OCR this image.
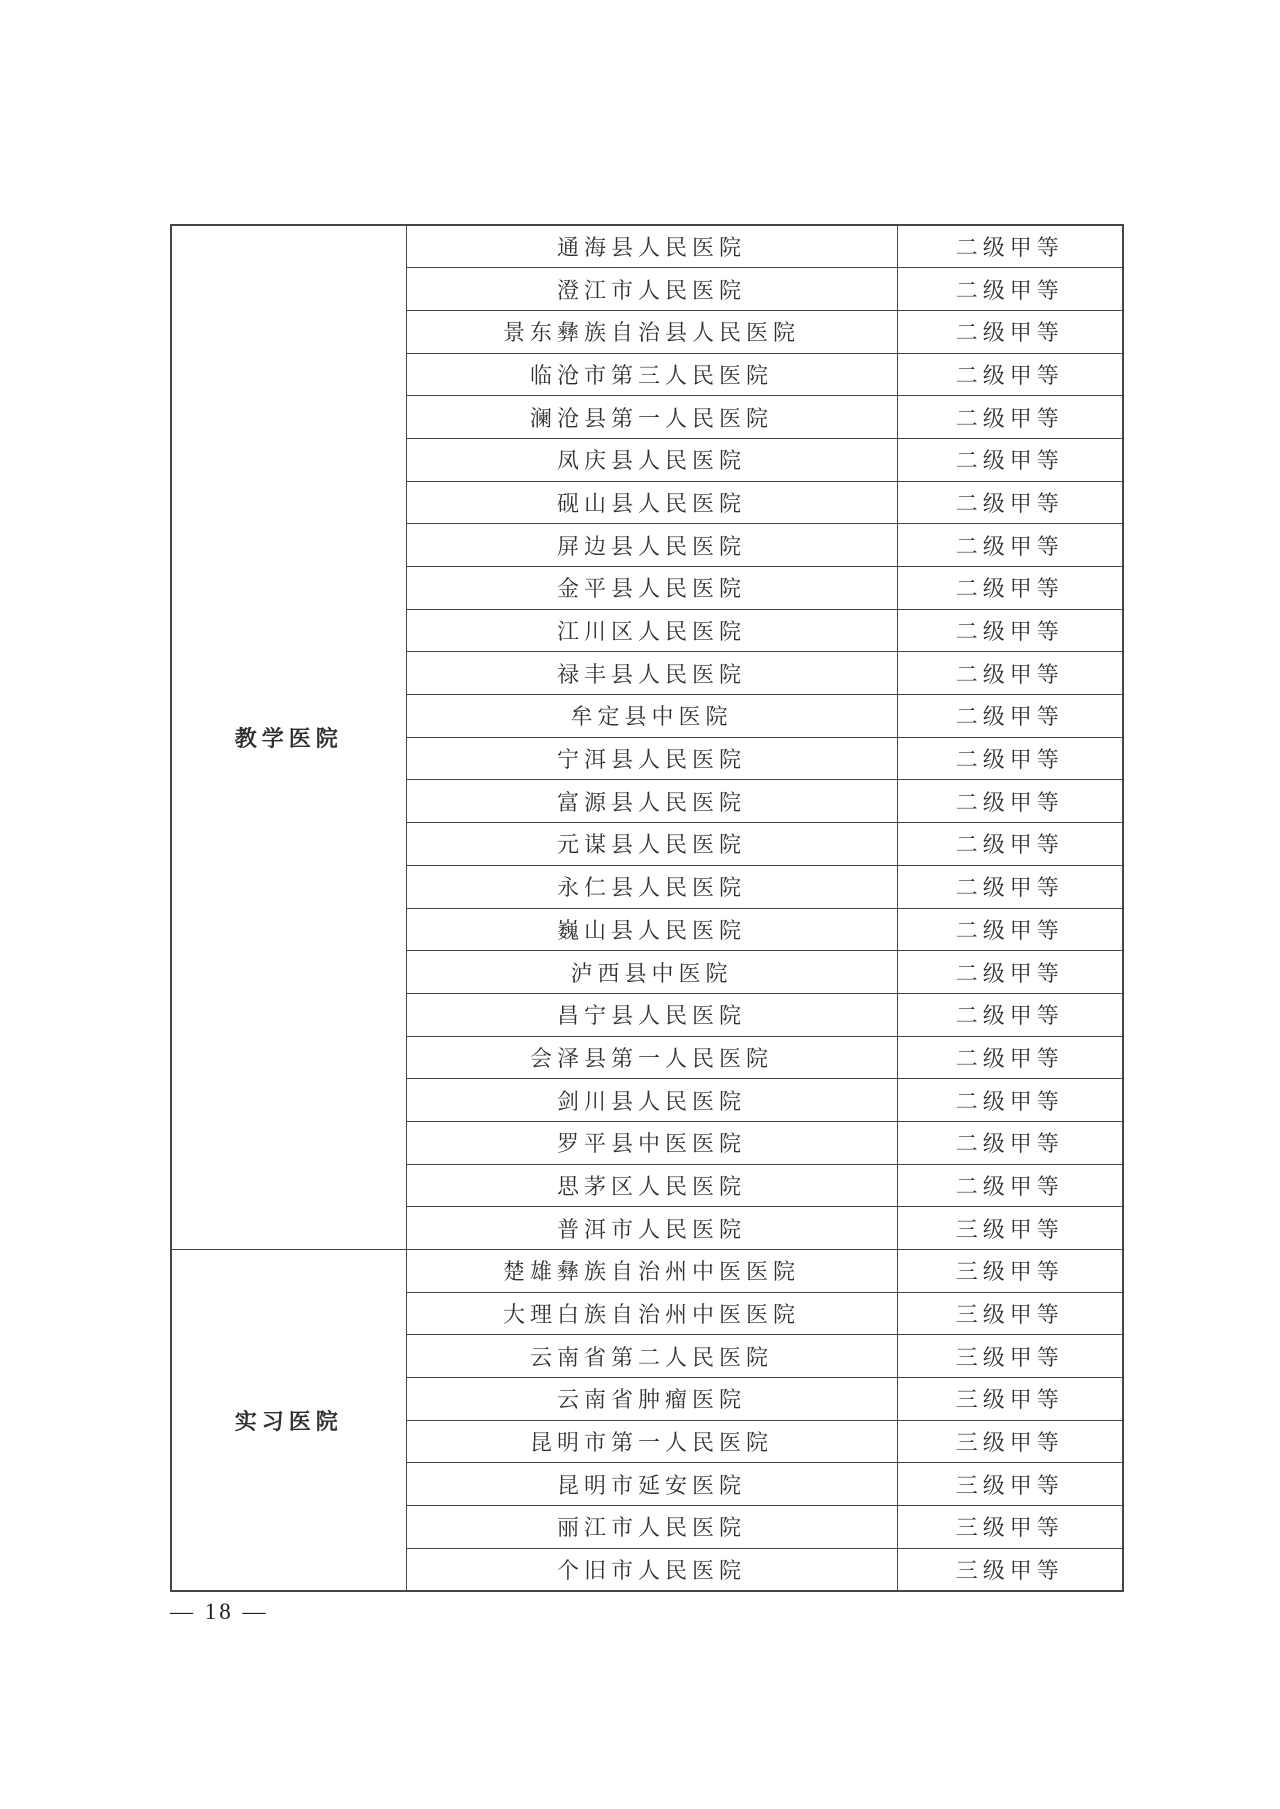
教学医院	通海县人民医院	二级甲等
	澄江市人民医院	二级甲等
	景东彝族自治县人民医院	二级甲等
	临沧市第三人民医院	二级甲等
	澜沧县第一人民医院	二级甲等
	凤庆县人民医院	二级甲等
	砚山县人民医院	二级甲等
	屏边县人民医院	二级甲等
	金平县人民医院	二级甲等
	江川区人民医院	二级甲等
	禄丰县人民医院	二级甲等
	牟定县中医院	二级甲等
	宁洱县人民医院	二级甲等
	富源县人民医院	二级甲等
	元谋县人民医院	二级甲等
	永仁县人民医院	二级甲等
	巍山县人民医院	二级甲等
	泸西县中医院	二级甲等
	昌宁县人民医院	二级甲等
	会泽县第一人民医院	二级甲等
	剑川县人民医院	二级甲等
	罗平县中医医院	二级甲等
	思茅区人民医院	二级甲等
	普洱市人民医院	三级甲等
实习医院	楚雄彝族自治州中医医院	三级甲等
	大理白族自治州中医医院	三级甲等
	云南省第二人民医院	三级甲等
	云南省肿瘤医院	三级甲等
	昆明市第一人民医院	三级甲等
	昆明市延安医院	三级甲等
	丽江市人民医院	三级甲等
	个旧市人民医院	三级甲等
— 18 —
